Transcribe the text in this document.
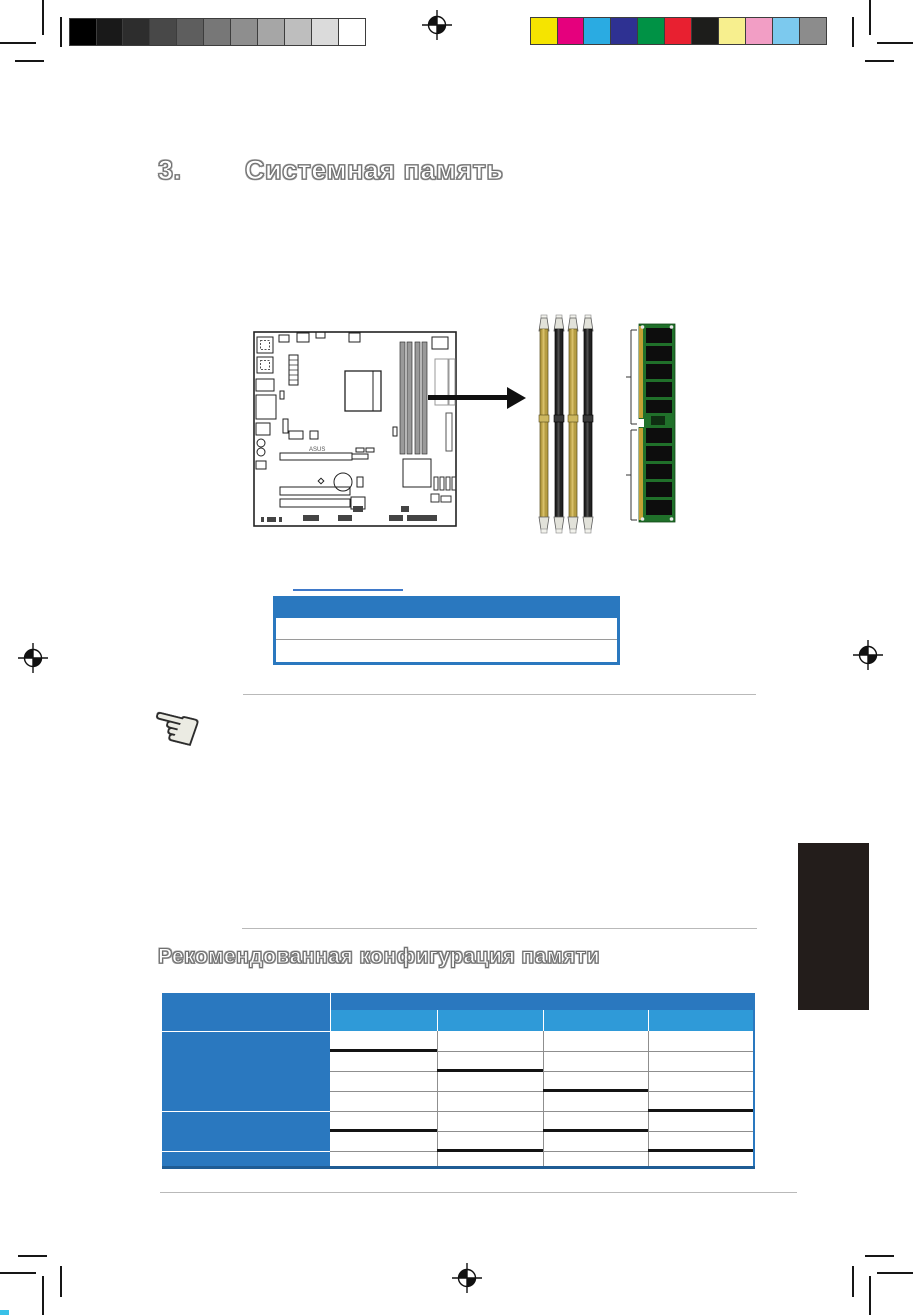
3. Системная память
ASUS
☚
Рекомендованная конфигурация памяти
